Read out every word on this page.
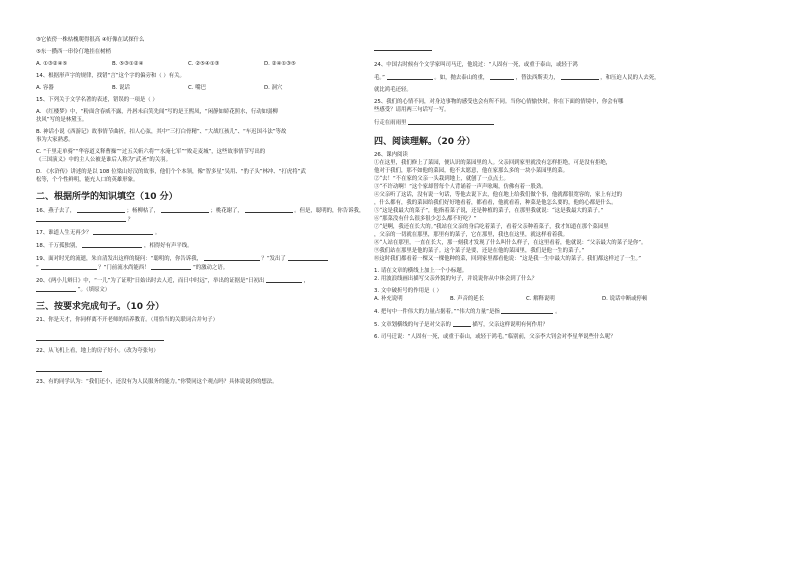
③它依傍一株枯槐爬得很高 ④好像在试探什么
⑤东一攒西一串伶仃地挂在树梢
A. ①③②④⑤	B. ⑤③①②④	C. ②⑤④①③	D. ②④①③⑤
14、根据形声字的规律，找错“言”这个字的偏旁和（ ）有关。
A. 容器	B. 说话	C. 嘴巴	D. 洞穴
15、下列关于文学名著的表述，错误的一项是（ ）
A. 《红楼梦》中，“粉面含春威不露，丹唇未启笑先闻”写的是王熙凤，“闲静如娇花照水，行动如弱柳
扶风”写的是林黛玉。
B. 神话小说《西游记》故事情节曲折，扣人心弦，其中“三打白骨精”、“大战红孩儿”、“车迟国斗法”等故
事为大家熟悉。
C. “千里走单骑”“华容道义释曹操”“过五关斩六将”“水淹七军”“败走麦城”，这些故事情节写出的
《三国演义》中的主人公被是谁后人称为“武圣”的关羽。
D. 《水浒传》讲述的是以 108 位梁山好汉的故事，他们个个本领，像“智多星”吴用、“豹子头”林冲、“打虎将”武
松等，个个性鲜明，能充人口的英雄形象。
二、根据所学的知识填空（10 分）
16、燕子去了，	；杨柳枯了，	；桃花谢了，	。但是，聪明的，你告诉我，
？
17、谁道人生无再少？	。
18、千万孤独别，	，相得好有声平线。
19、面对时光的流逝，朱自清发出这样的疑问：“聪明的，你告诉我，	？”发出了
“	？”门前流水尚能西！	”的激动之语。
20、《两小儿辩日》中，“一儿”为了证明“日始出时去人近，而日中时远”，举出的证据是“日初出	，
”。（填原文）
三、按要求完成句子。（10 分）
21、你是天才，你同样离不开老师的培养教育。（用恰当的关联词合并句子）
22、从飞机上看，地上的房子好小。（改为夸张句）
23、有的同学认为：“我们还小，还没有为人民服务的能力。”你赞同这个观点吗？具体说说你的想法。
24、中国古时候有个文学家叫司马迁，他说过：“人固有一死，或重于泰山，或轻于鸿
毛。”	。如，抛去泰山的重，	，替法西斯卖力，	，和压迫人民的人去死，
就比鸿毛还轻。
25、我们的心情不同，对身边事物的感受也会有所不同。当你心情愉快时，你在下面的情境中，你会有哪
些感受？请用两三句话写一写。
行走在雨雨里
四、阅读理解。（20 分）
26、课内阅读
①在这里，我们修上了菜园，便认识的菜园里的人。父亲回到家里就没有怎样拒绝，可是没有拒绝，
他对于我们，那不如他的菜园，他不太愿意，他在家那么多的一块小菜园里的菜。
②“去！”不在家的父亲一头栽到地上，就刨了一点点土。
③“不许动啊！”这个家却替每个人背诵着一声声吆喝，仿佛有着一股劲。
④父亲听了这话，没有说一句话，等他去说下去，他在地上给我们做个事，他就都很宽容的，家上有过的
，什么都有，我的菜园给我们好好地看着，都看看，他就看着，种菜是他怎么要的，他的心都是什么。
⑤“这是我最大的菜子”，他指着菜子说，还是种植的菜子，在那里我就说：“这是我最大的菜子。”
⑥“那菜没有什么很多很少怎么都不好吃？”
⑦“是啊，我还在长大的。”我站在父亲的身后吃着菜子，看着父亲种着菜子，我才知道在那个菜园里
，父亲的一切就在那里，那里有的菜子，它在那里，我也在这里，就这样看着我。
⑧“人站在那里，一直在长大，那一刻我才发现了什么叫什么样子，在这里看着，他就说：“父亲最大的菜子是你”。
⑨我们站在那里是他的菜子。这个菜子是要，还是在他的菜园里，我们是他一生的菜子。”
⑩这时我们都看着一棵又一棵他种的菜，回到家里都看他说：“这是我一生中最大的菜子。我们都这样过了一生。”
1. 请在文章的横线上加上一个小标题。
2. 用波浪线画出描写父亲外貌的句子，并说说你从中体会到了什么？
3. 文中破折号的作用是（ ）
A. 补充说明	B. 声音的延长	C. 解释说明	D. 说话中断或停顿
4. 把句中一件伟大的力量占据着。”“伟大的力量”是指	。
5. 文章划横线的句子是对父亲的	描写，父亲这样说明有何作用？
6. 司马迁说：“人固有一死，或重于泰山，或轻于鸿毛。”临别前，父亲李大钊会对李星华说些什么呢？
